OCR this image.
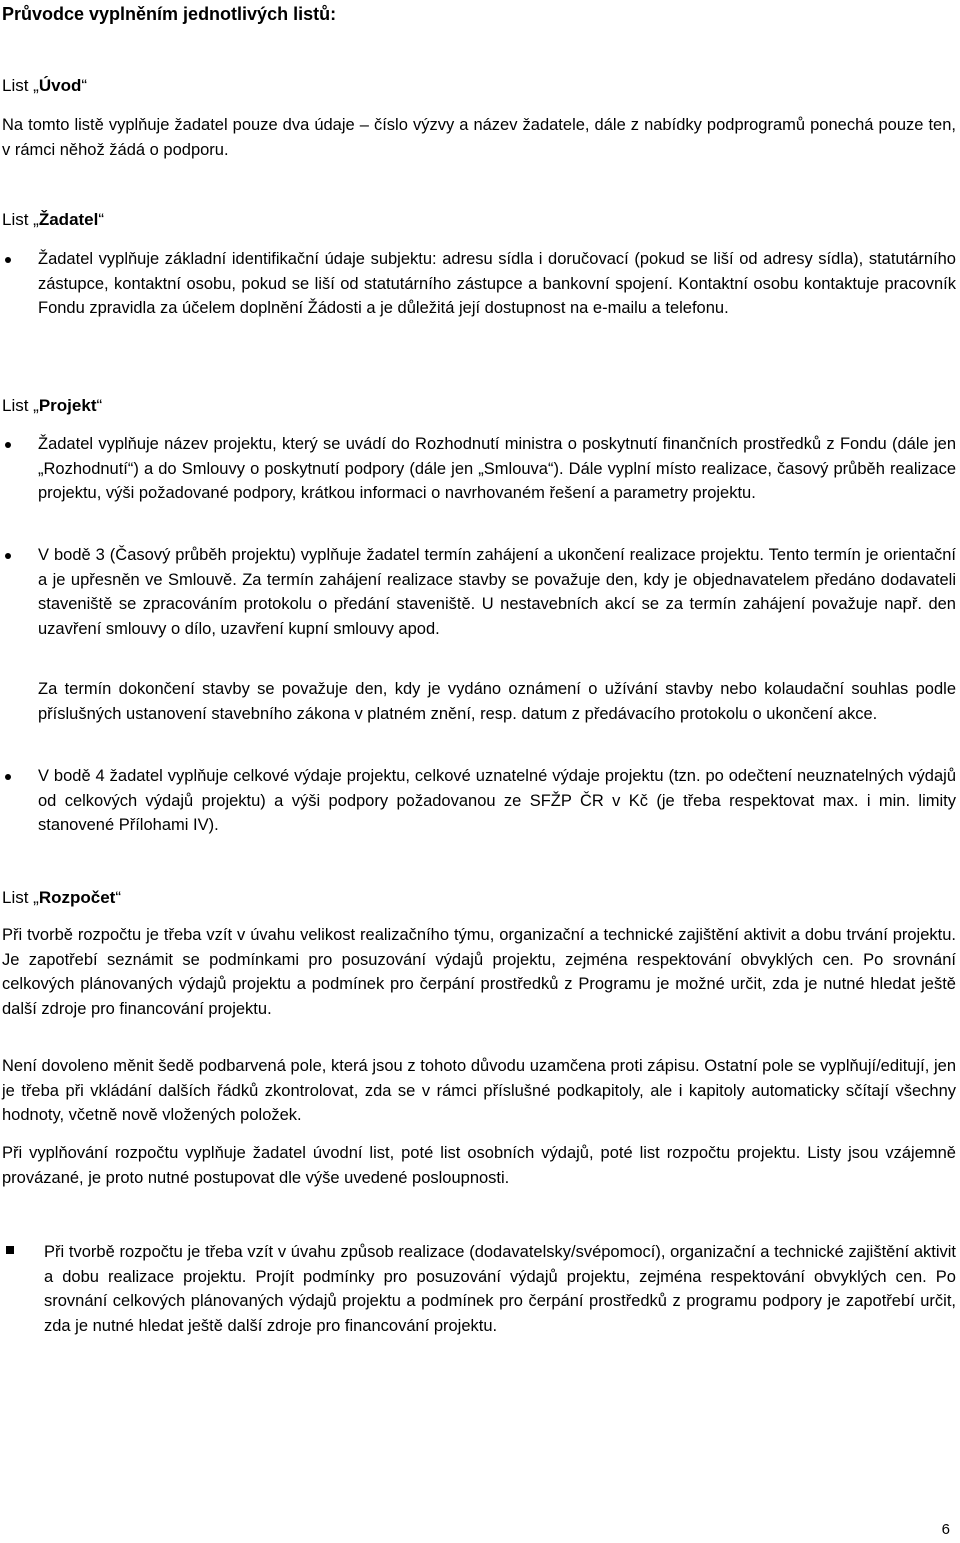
Průvodce vyplněním jednotlivých listů:
List „Úvod“
Na tomto listě vyplňuje žadatel pouze dva údaje – číslo výzvy a název žadatele, dále z nabídky podprogramů ponechá pouze ten, v rámci něhož žádá o podporu.
List „Žadatel“
Žadatel vyplňuje základní identifikační údaje subjektu: adresu sídla i doručovací (pokud se liší od adresy sídla), statutárního zástupce, kontaktní osobu, pokud se liší od statutárního zástupce a bankovní spojení. Kontaktní osobu kontaktuje pracovník Fondu zpravidla za účelem doplnění Žádosti a je důležitá její dostupnost na e-mailu a telefonu.
List „Projekt“
Žadatel vyplňuje název projektu, který se uvádí do Rozhodnutí ministra o poskytnutí finančních prostředků z Fondu (dále jen „Rozhodnutí“) a do Smlouvy o poskytnutí podpory (dále jen „Smlouva“). Dále vyplní místo realizace, časový průběh realizace projektu, výši požadované podpory, krátkou informaci o navrhovaném řešení a parametry projektu.
V bodě 3 (Časový průběh projektu) vyplňuje žadatel termín zahájení a ukončení realizace projektu. Tento termín je orientační a je upřesněn ve Smlouvě. Za termín zahájení realizace stavby se považuje den, kdy je objednavatelem předáno dodavateli staveniště se zpracováním protokolu o předání staveniště. U nestavebních akcí se za termín zahájení považuje např. den uzavření smlouvy o dílo, uzavření kupní smlouvy apod.
Za termín dokončení stavby se považuje den, kdy je vydáno oznámení o užívání stavby nebo kolaudační souhlas podle příslušných ustanovení stavebního zákona v platném znění, resp. datum z předávacího protokolu o ukončení akce.
V bodě 4 žadatel vyplňuje celkové výdaje projektu, celkové uznatelné výdaje projektu (tzn. po odečtení neuznatelných výdajů od celkových výdajů projektu) a výši podpory požadovanou ze SFŽP ČR v Kč (je třeba respektovat max. i min. limity stanovené Přílohami IV).
List „Rozpočet“
Při tvorbě rozpočtu je třeba vzít v úvahu velikost realizačního týmu, organizační a technické zajištění aktivit a dobu trvání projektu. Je zapotřebí seznámit se podmínkami pro posuzování výdajů projektu, zejména respektování obvyklých cen. Po srovnání celkových plánovaných výdajů projektu a podmínek pro čerpání prostředků z Programu je možné určit, zda je nutné hledat ještě další zdroje pro financování projektu.
Není dovoleno měnit šedě podbarvená pole, která jsou z tohoto důvodu uzamčena proti zápisu. Ostatní pole se vyplňují/editují, jen je třeba při vkládání dalších řádků zkontrolovat, zda se v rámci příslušné podkapitoly, ale i kapitoly automaticky sčítají všechny hodnoty, včetně nově vložených položek.
Při vyplňování rozpočtu vyplňuje žadatel úvodní list, poté list osobních výdajů, poté list rozpočtu projektu. Listy jsou vzájemně provázané, je proto nutné postupovat dle výše uvedené posloupnosti.
Při tvorbě rozpočtu je třeba vzít v úvahu způsob realizace (dodavatelsky/svépomocí), organizační a technické zajištění aktivit a dobu realizace projektu. Projít podmínky pro posuzování výdajů projektu, zejména respektování obvyklých cen. Po srovnání celkových plánovaných výdajů projektu a podmínek pro čerpání prostředků z programu podpory je zapotřebí určit, zda je nutné hledat ještě další zdroje pro financování projektu.
6
